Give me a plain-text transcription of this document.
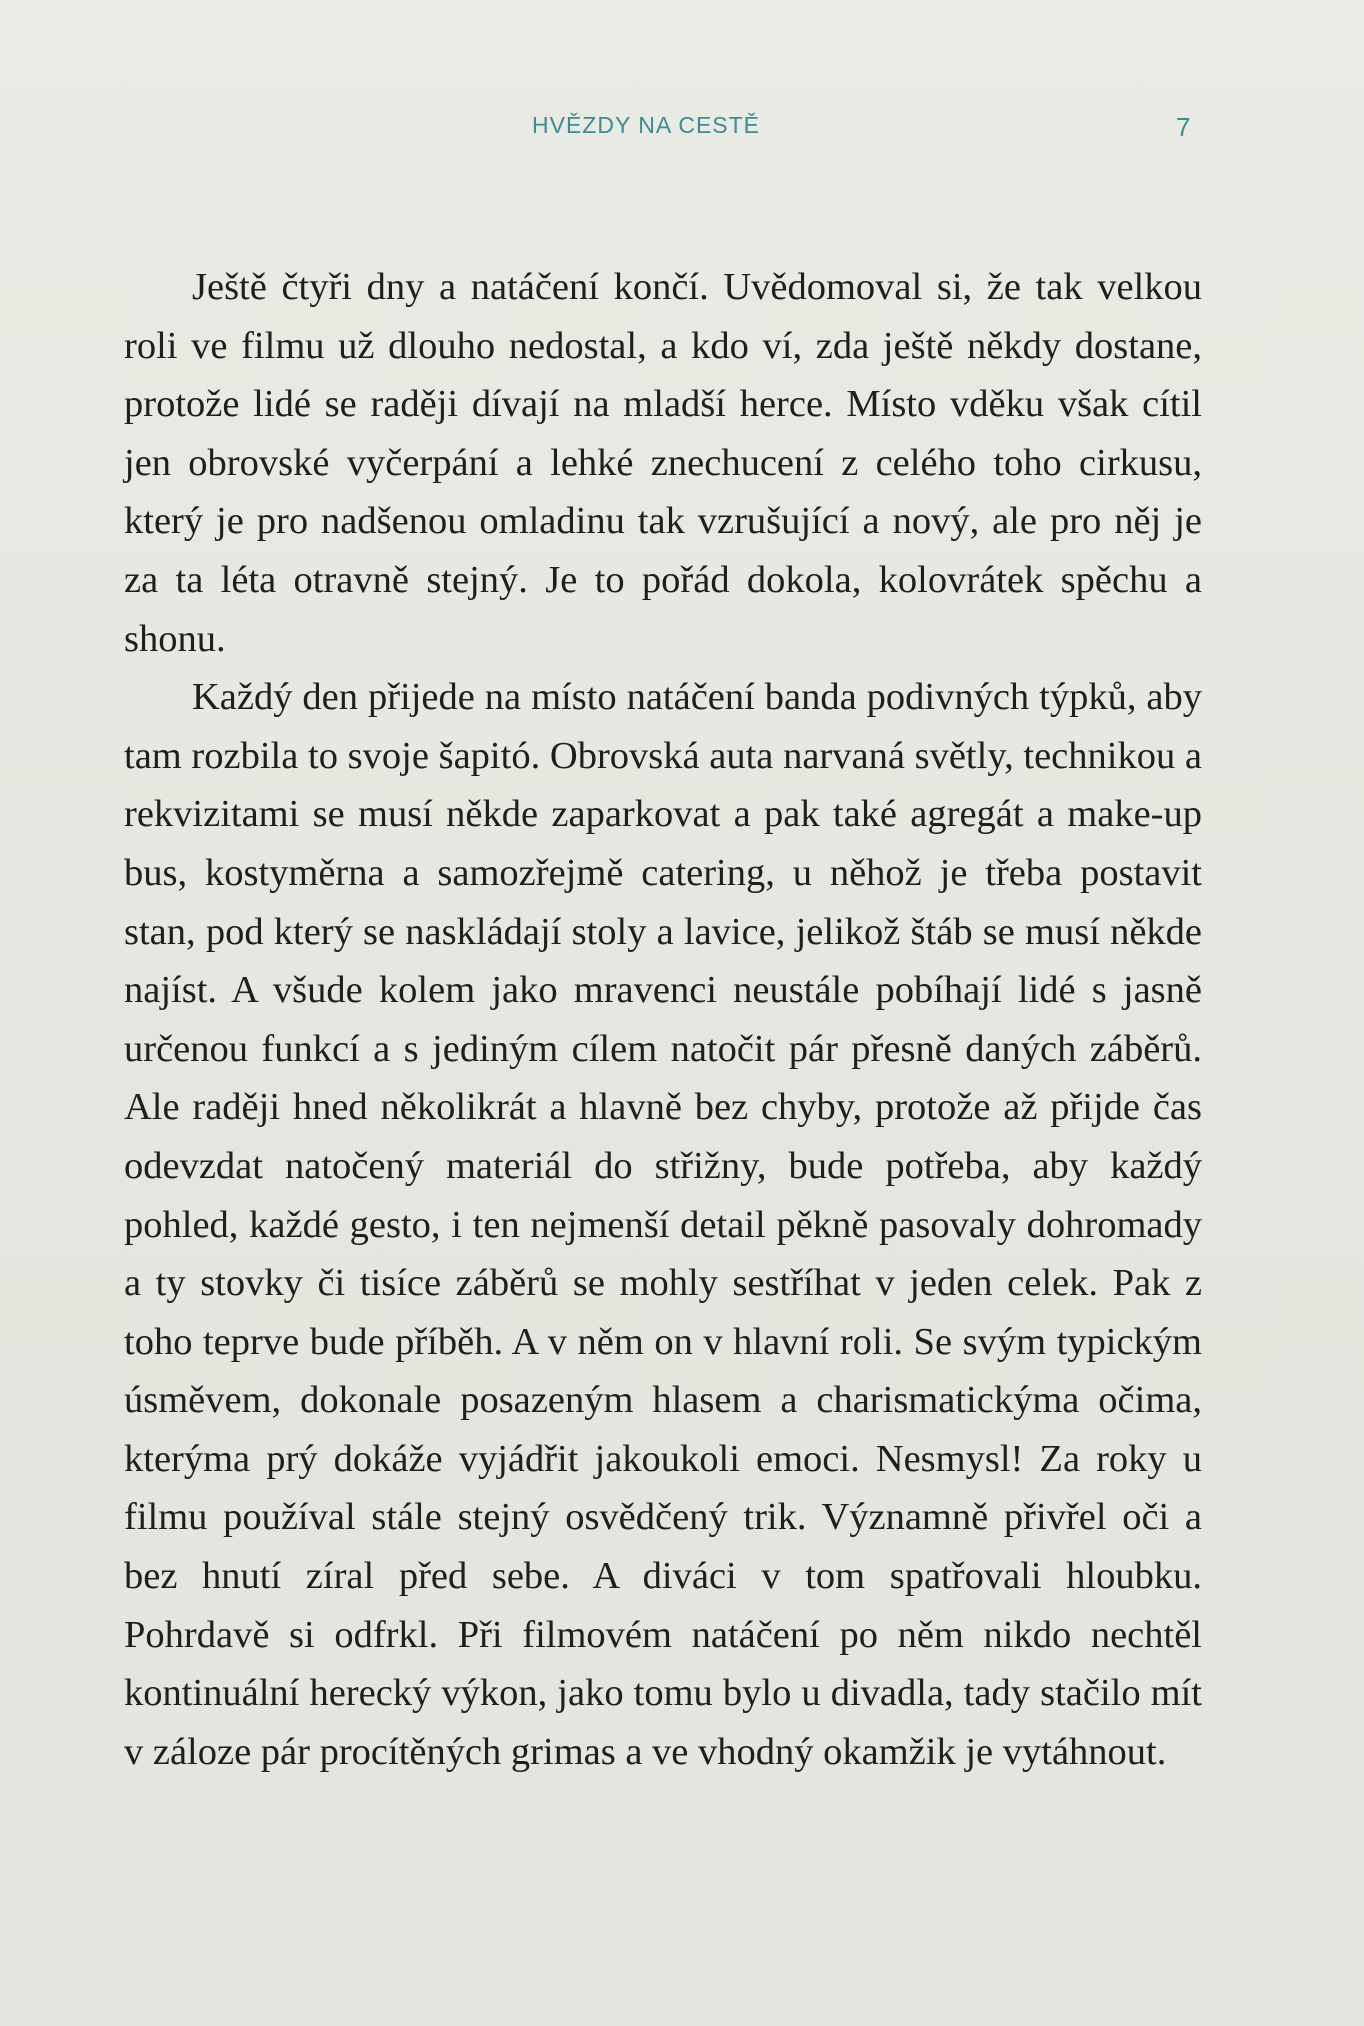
HVĚZDY NA CESTĚ	7

Ještě čtyři dny a natáčení končí. Uvědomoval si, že tak velkou roli ve filmu už dlouho nedostal, a kdo ví, zda ještě někdy dostane, protože lidé se raději dívají na mladší herce. Místo vděku však cítil jen obrovské vyčerpání a lehké znechucení z celého toho cirkusu, který je pro nadšenou omladinu tak vzrušující a nový, ale pro něj je za ta léta otravně stejný. Je to pořád dokola, kolovrátek spěchu a shonu.

Každý den přijede na místo natáčení banda podivných týpků, aby tam rozbila to svoje šapitó. Obrovská auta narvaná světly, technikou a rekvizitami se musí někde zaparkovat a pak také agregát a make-up bus, kostyměrna a samozřejmě catering, u něhož je třeba postavit stan, pod který se naskládají stoly a lavice, jelikož štáb se musí někde najíst. A všude kolem jako mravenci neustále pobíhají lidé s jasně určenou funkcí a s jediným cílem natočit pár přesně daných záběrů. Ale raději hned několikrát a hlavně bez chyby, protože až přijde čas odevzdat natočený materiál do střižny, bude potřeba, aby každý pohled, každé gesto, i ten nejmenší detail pěkně pasovaly dohromady a ty stovky či tisíce záběrů se mohly sestříhat v jeden celek. Pak z toho teprve bude příběh. A v něm on v hlavní roli. Se svým typickým úsměvem, dokonale posazeným hlasem a charismatickýma očima, kterýma prý dokáže vyjádřit jakoukoli emoci. Nesmysl! Za roky u filmu používal stále stejný osvědčený trik. Významně přivřel oči a bez hnutí zíral před sebe. A diváci v tom spatřovali hloubku. Pohrdavě si odfrkl. Při filmovém natáčení po něm nikdo nechtěl kontinuální herecký výkon, jako tomu bylo u divadla, tady stačilo mít v záloze pár procítěných grimas a ve vhodný okamžik je vytáhnout.
